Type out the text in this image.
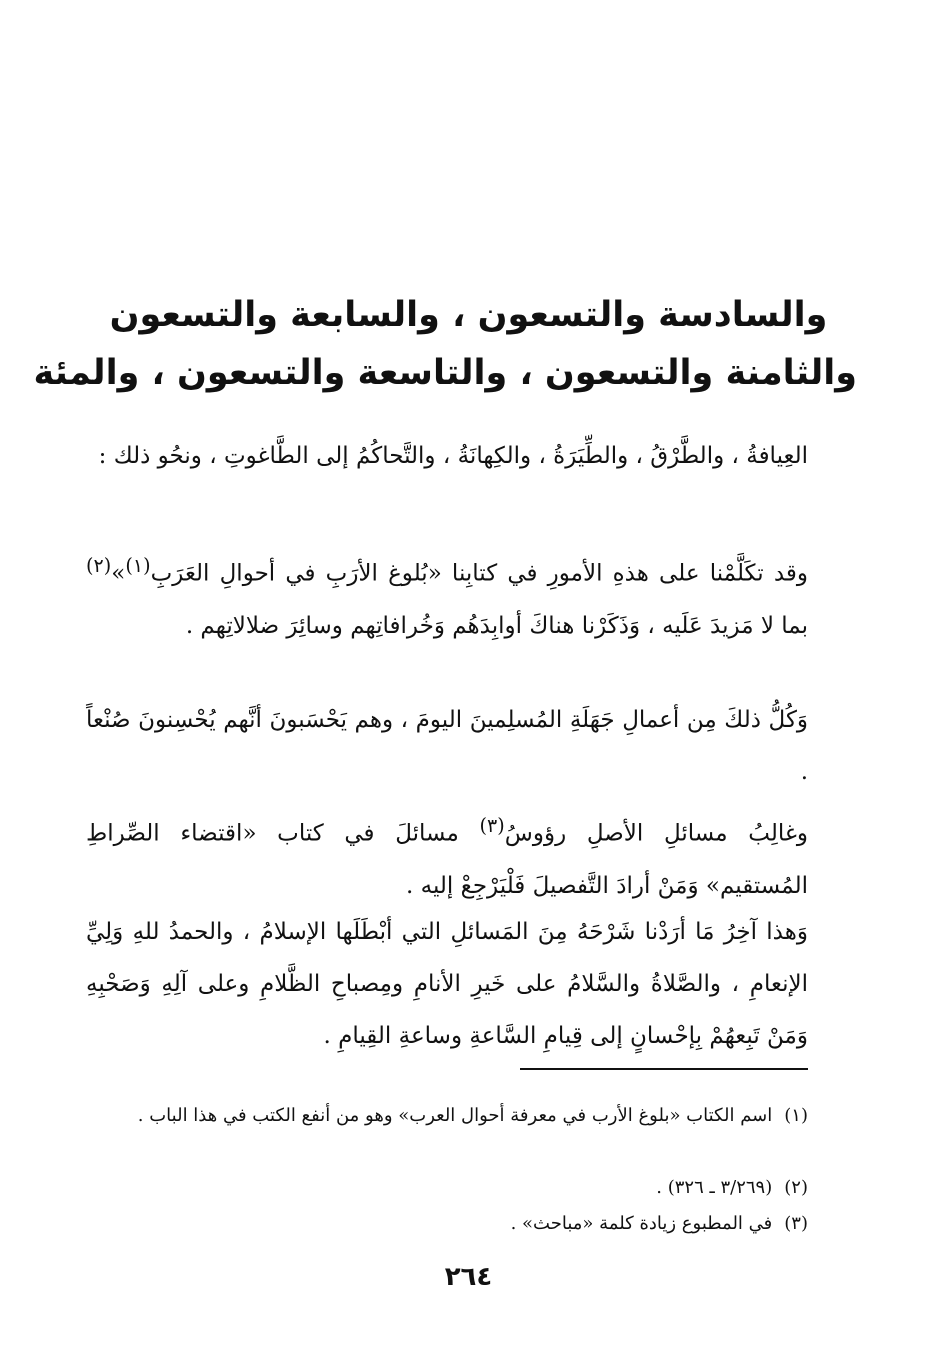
والسادسة والتسعون ، والسابعة والتسعون
والثامنة والتسعون ، والتاسعة والتسعون ، والمئة

العِيافةُ ، والطَّرْقُ ، والطِّيَرَةُ ، والكِهانَةُ ، والتَّحاكُمُ إلى الطَّاغوتِ ، ونحُو ذلك :

وقد تكَلَّمْنا على هذهِ الأمورِ في كتابِنا «بُلوغ الأرَبِ في أحوالِ العَرَبِ$^{(١)}$»$^{(٢)}$ بما لا مَزيدَ عَلَيه ، وَذَكَرْنا هناكَ أوابِدَهُم وَخُرافاتِهم وسائِرَ ضلالاتِهم .

وَكُلُّ ذلكَ مِن أعمالِ جَهَلَةِ المُسلِمينَ اليومَ ، وهم يَحْسَبونَ أنَّهم يُحْسِنونَ صُنْعاً .

وغالِبُ مسائلِ الأصلِ رؤوسُ$^{(٣)}$ مسائلَ في كتاب «اقتضاء الصِّراطِ المُستقيم» وَمَنْ أرادَ التَّفصيلَ فَلْيَرْجِعْ إليه .

وَهذا آخِرُ مَا أرَدْنا شَرْحَهُ مِنَ المَسائلِ التي أبْطَلَها الإسلامُ ، والحمدُ للهِ وَلِيِّ الإنعامِ ، والصَّلاةُ والسَّلامُ على خَيرِ الأنامِ ومِصباحِ الظَّلامِ وعلى آلِهِ وَصَحْبِهِ وَمَنْ تَبِعهُمْ بِإحْسانٍ إلى قِيامِ السَّاعةِ وساعةِ القِيامِ .

(١)
اسم الكتاب «بلوغ الأرب في معرفة أحوال العرب» وهو من أنفع الكتب في هذا الباب .
(٢)
(٣/٢٦٩ ـ ٣٢٦) .
(٣)
في المطبوع زيادة كلمة «مباحث» .
٢٦٤
